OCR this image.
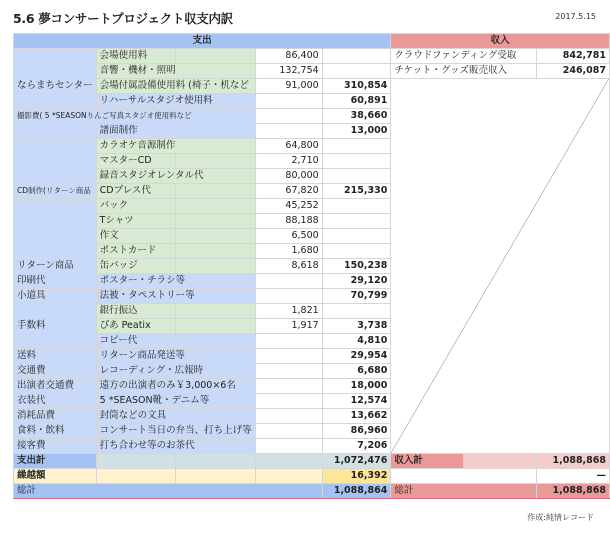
5.6 夢コンサートプロジェクト収支内訳	2017.5.15
支出					収入		
ならまちセンター	会場使用料		86,400		クラウドファンディング受取		842,781
	音響・機材・照明		132,754		チケット・グッズ販売収入		246,087
	会場付属設備使用料 (椅子・机など		91,000	310,854	

	リハーサルスタジオ使用料			60,891			
撮影費( 5 *SEASONりんご写真スタジオ使用料など				38,660			
	譜面制作			13,000			
CD制作(リターン商品	カラオケ音源制作		64,800				
	マスターCD		2,710				
	録音スタジオレンタル代		80,000				
	CDプレス代		67,820	215,330			
リターン商品	バック		45,252				
	Tシャツ		88,188				
	作文		6,500				
	ポストカード		1,680				
	缶バッジ		8,618	150,238			
印刷代	ポスター・チラシ等			29,120			
小道具	法被・タペストリー等			70,799			
手数料	銀行振込		1,821				
	ぴあ Peatix		1,917	3,738			
	コピー代			4,810			
送料	リターン商品発送等			29,954			
交通費	レコーディング・広報時			6,680			
出演者交通費	遠方の出演者のみ￥3,000×6名			18,000			
衣装代	5 *SEASON靴・デニム等			12,574			
消耗品費	封筒などの文具			13,662			
食料・飲料	コンサート当日の弁当、打ち上げ等			86,960			
接客費	打ち合わせ等のお茶代			7,206			
支出計				1,072,476	収入計		1,088,868
繰越額				16,392			—
総計				1,088,864	総計		1,088,868
作成:純情レコード
